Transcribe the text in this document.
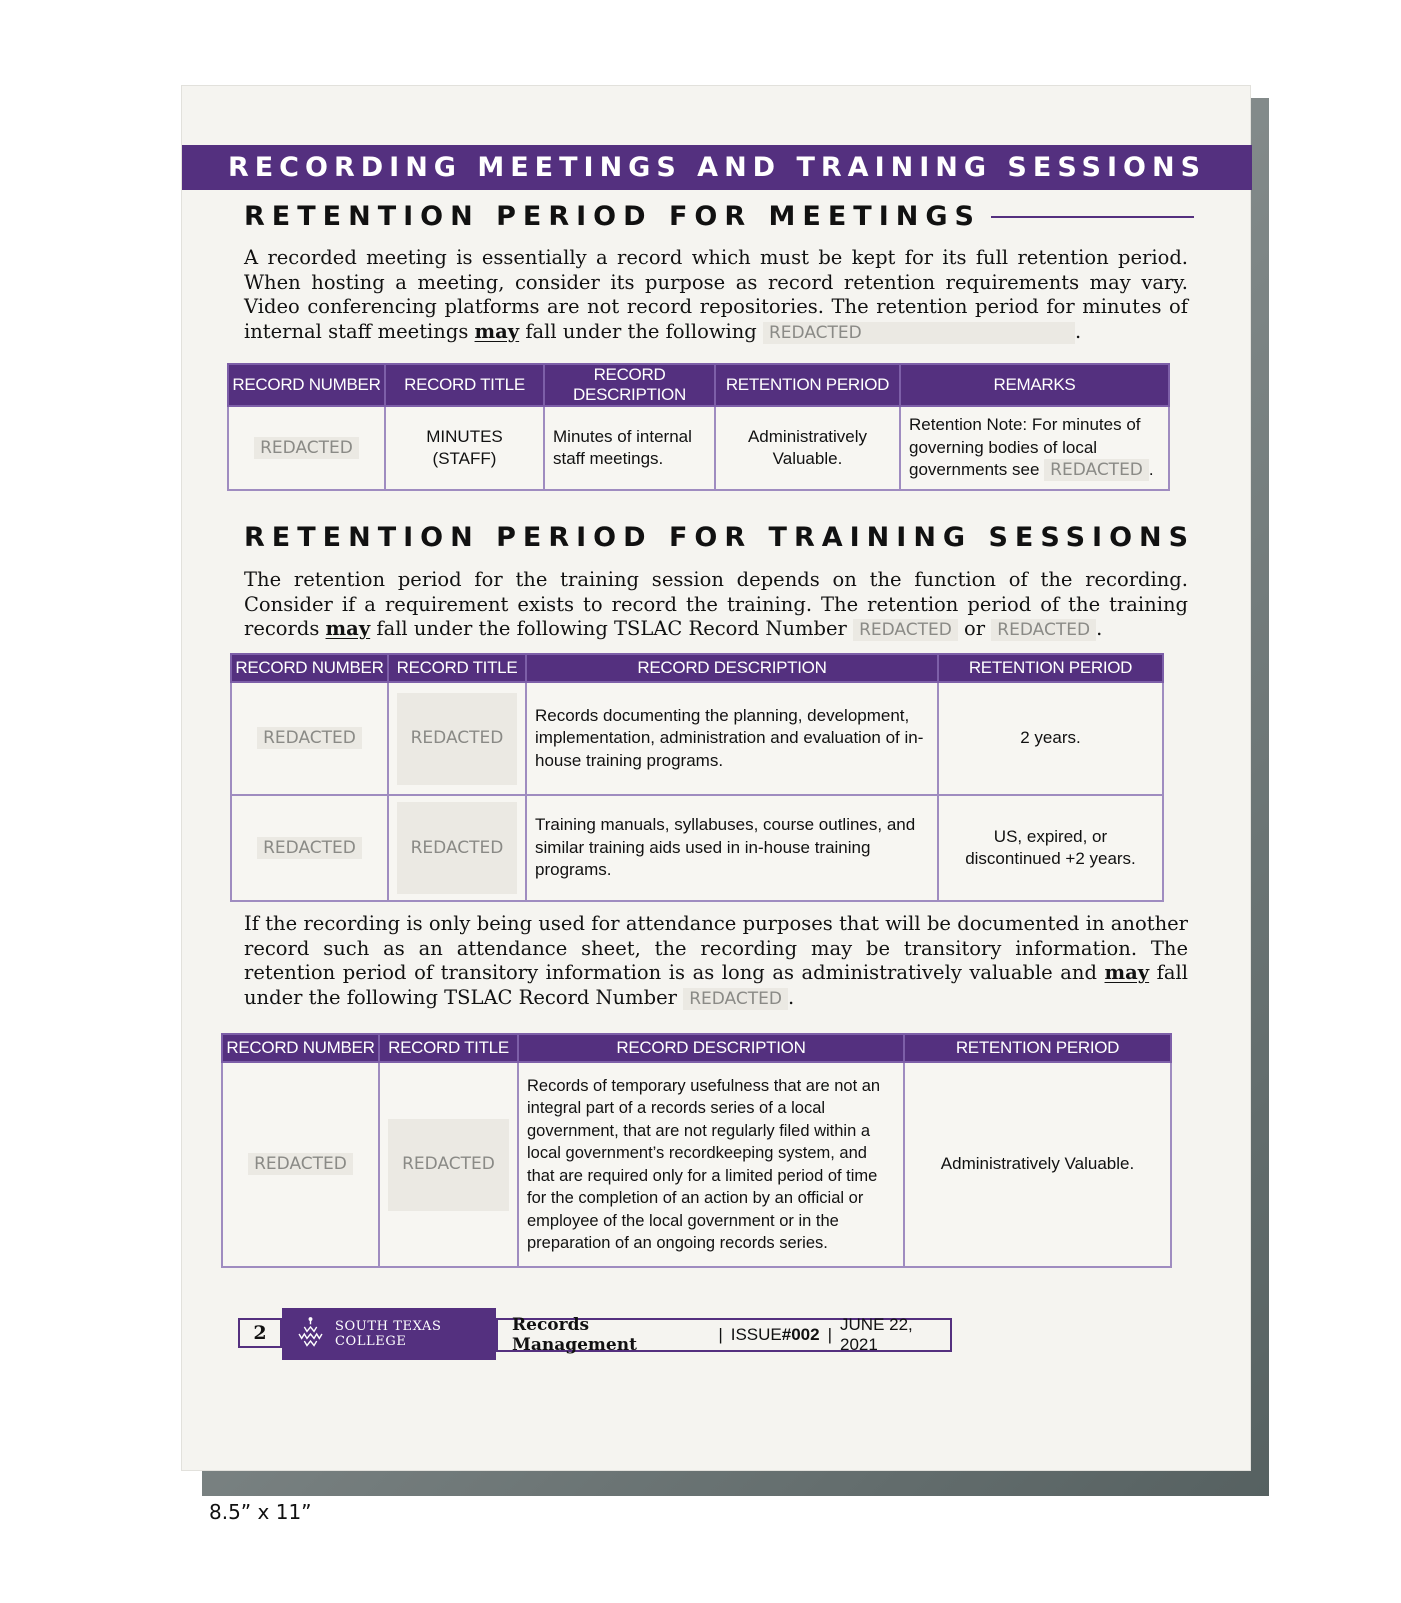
RECORDING MEETINGS AND TRAINING SESSIONS
RETENTION PERIOD FOR MEETINGS
A recorded meeting is essentially a record which must be kept for its full retention period. When hosting a meeting, consider its purpose as record retention requirements may vary. Video conferencing platforms are not record repositories. The retention period for minutes of internal staff meetings may fall under the following REDACTED	.
RECORD NUMBER	RECORD TITLE	RECORD DESCRIPTION	RETENTION PERIOD	REMARKS
REDACTED	MINUTES (STAFF)	Minutes of internal staff meetings.	Administratively Valuable.	Retention Note: For minutes of governing bodies of local governments see REDACTED .
RETENTION PERIOD FOR TRAINING SESSIONS
The retention period for the training session depends on the function of the recording. Consider if a requirement exists to record the training. The retention period of the training records may fall under the following TSLAC Record Number REDACTED or REDACTED .
RECORD NUMBER	RECORD TITLE	RECORD DESCRIPTION	RETENTION PERIOD
REDACTED	REDACTED	Records documenting the planning, development, implementation, administration and evaluation of in-house training programs.	2 years.
REDACTED	REDACTED	Training manuals, syllabuses, course outlines, and similar training aids used in in-house training programs.	US, expired, or discontinued +2 years.
If the recording is only being used for attendance purposes that will be documented in another record such as an attendance sheet, the recording may be transitory information. The retention period of transitory information is as long as administratively valuable and may fall under the following TSLAC Record Number REDACTED .
RECORD NUMBER	RECORD TITLE	RECORD DESCRIPTION	RETENTION PERIOD
REDACTED	REDACTED	Records of temporary usefulness that are not an integral part of a records series of a local government, that are not regularly filed within a local government’s recordkeeping system, and that are required only for a limited period of time for the completion of an action by an official or employee of the local government or in the preparation of an ongoing records series.	Administratively Valuable.
2	SOUTH TEXAS COLLEGE
Records Management
| ISSUE #002 |
JUNE 22, 2021
8.5” x 11”
